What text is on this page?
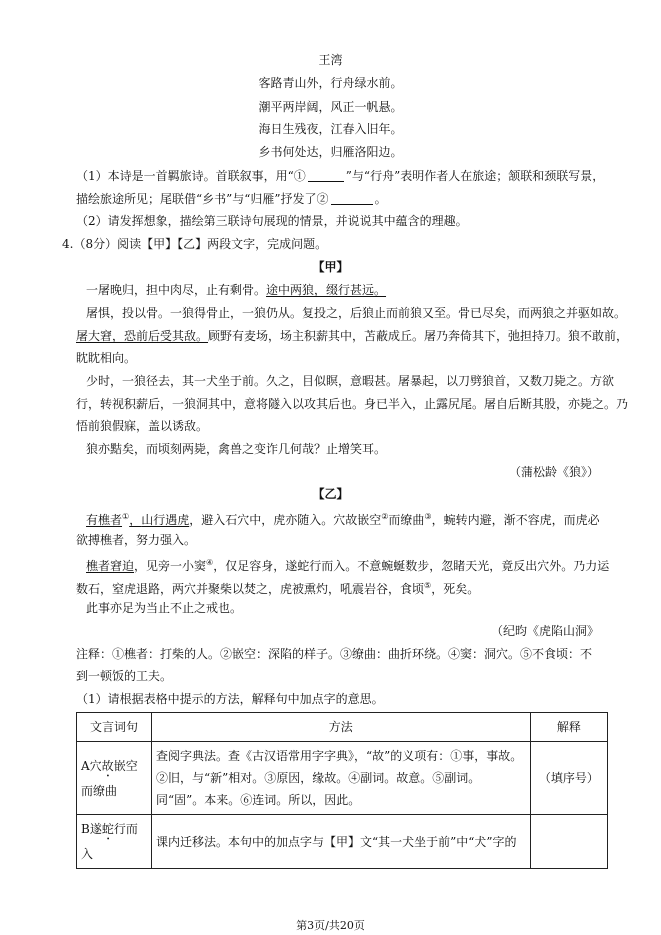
王湾
客路青山外，行舟绿水前。
潮平两岸阔，风正一帆悬。
海日生残夜，江春入旧年。
乡书何处达，归雁洛阳边。
（1）本诗是一首羁旅诗。首联叙事，用“①	”与“行舟”表明作者人在旅途；颔联和颈联写景，
描绘旅途所见；尾联借“乡书”与“归雁”抒发了②	。
（2）请发挥想象，描绘第三联诗句展现的情景，并说说其中蕴含的理趣。
4.（8分）阅读【甲】【乙】两段文字，完成问题。
【甲】
一屠晚归，担中肉尽，止有剩骨。途中两狼，缀行甚远。
屠惧，投以骨。一狼得骨止，一狼仍从。复投之，后狼止而前狼又至。骨已尽矣，而两狼之并驱如故。
屠大窘，恐前后受其敌。顾野有麦场，场主积薪其中，苫蔽成丘。屠乃奔倚其下，弛担持刀。狼不敢前，
眈眈相向。
少时，一狼径去，其一犬坐于前。久之，目似瞑，意暇甚。屠暴起，以刀劈狼首，又数刀毙之。方欲
行，转视积薪后，一狼洞其中，意将隧入以攻其后也。身已半入，止露尻尾。屠自后断其股，亦毙之。乃
悟前狼假寐，盖以诱敌。
狼亦黠矣，而顷刻两毙，禽兽之变诈几何哉？止增笑耳。
（蒲松龄《狼》）
【乙】
有樵者①，山行遇虎，避入石穴中，虎亦随入。穴故嵌空②而缭曲③，蜿转内避，渐不容虎，而虎必
欲搏樵者，努力强入。
樵者窘迫，见旁一小窦④，仅足容身，遂蛇行而入。不意蜿蜒数步，忽睹天光，竟反出穴外。乃力运
数石，窒虎退路，两穴并聚柴以焚之，虎被熏灼，吼震岩谷，食顷⑤，死矣。
此事亦足为当止不止之戒也。
（纪昀《虎陷山洞》
注释：①樵者：打柴的人。②嵌空：深陷的样子。③缭曲：曲折环绕。④窦：洞穴。⑤不食顷：不
到一顿饭的工夫。
（1）请根据表格中提示的方法，解释句中加点字的意思。
文言词句	方法	解释
A穴故嵌空而缭曲	查阅字典法。查《古汉语常用字字典》，“故”的义项有：①事，事故。②旧，与“新”相对。③原因，缘故。④副词。故意。⑤副词。同“固”。本来。⑥连词。所以，因此。	（填序号）
B遂蛇行而入	课内迁移法。本句中的加点字与【甲】文“其一犬坐于前”中“犬”字的	
第3页/共20页
